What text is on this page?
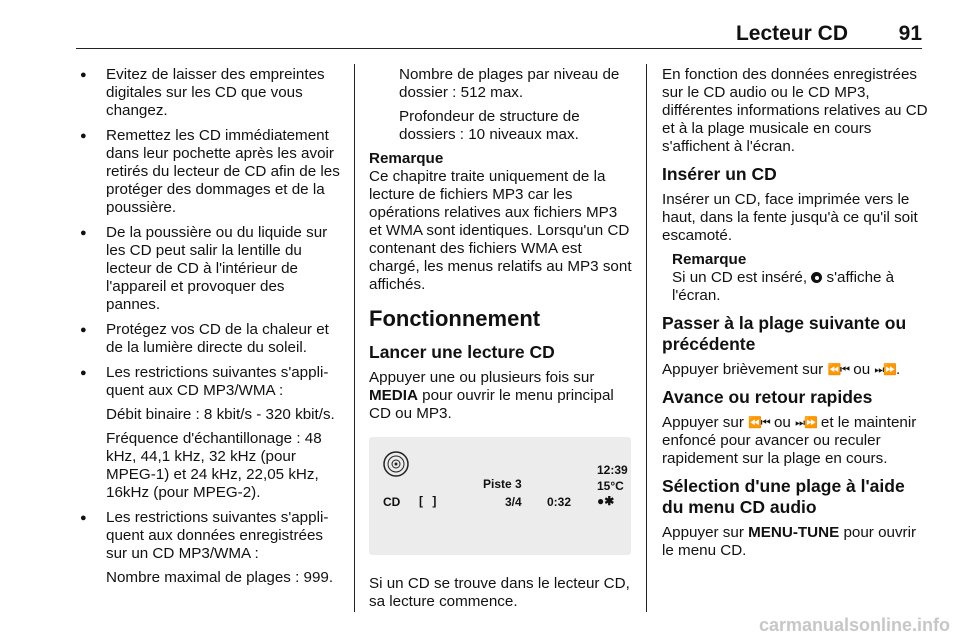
Lecteur CD 91
● Evitez de laisser des empreintes digitales sur les CD que vous changez.
● Remettez les CD immédiatement dans leur pochette après les avoir retirés du lecteur de CD afin de les protéger des dommages et de la poussière.
● De la poussière ou du liquide sur les CD peut salir la lentille du lecteur de CD à l'intérieur de l'appareil et provoquer des pannes.
● Protégez vos CD de la chaleur et de la lumière directe du soleil.
● Les restrictions suivantes s'appliquent aux CD MP3/WMA :
Débit binaire : 8 kbit/s - 320 kbit/s.
Fréquence d'échantillonage : 48 kHz, 44,1 kHz, 32 kHz (pour MPEG-1) et 24 kHz, 22,05 kHz, 16kHz (pour MPEG-2).
● Les restrictions suivantes s'appliquent aux données enregistrées sur un CD MP3/WMA :
Nombre maximal de plages : 999.

Nombre de plages par niveau de dossier : 512 max.

Profondeur de structure de dossiers : 10 niveaux max.

Remarque

Ce chapitre traite uniquement de la lecture de fichiers MP3 car les opérations relatives aux fichiers MP3 et WMA sont identiques. Lorsqu'un CD contenant des fichiers WMA est chargé, les menus relatifs au MP3 sont affichés.

Fonctionnement
Lancer une lecture CD

Appuyer une ou plusieurs fois sur MEDIA pour ouvrir le menu principal CD ou MP3.

Piste 3
3/4
12:39
15°C
CD [ ]	0:32 ●✱

Si un CD se trouve dans le lecteur CD, sa lecture commence.

En fonction des données enregistrées sur le CD audio ou le CD MP3, différentes informations relatives au CD et à la plage musicale en cours s'affichent à l'écran.

Insérer un CD

Insérer un CD, face imprimée vers le haut, dans la fente jusqu'à ce qu'il soit escamoté.

Remarque

Si un CD est inséré,  s'affiche à l'écran.

Passer à la plage suivante ou précédente

Appuyer brièvement sur ⏪⏮ ou ⏭⏩.

Avance ou retour rapides

Appuyer sur ⏪⏮ ou ⏭⏩ et le maintenir enfoncé pour avancer ou reculer rapidement sur la plage en cours.

Sélection d'une plage à l'aide du menu CD audio

Appuyer sur MENU-TUNE pour ouvrir le menu CD.

carmanualsonline.info
